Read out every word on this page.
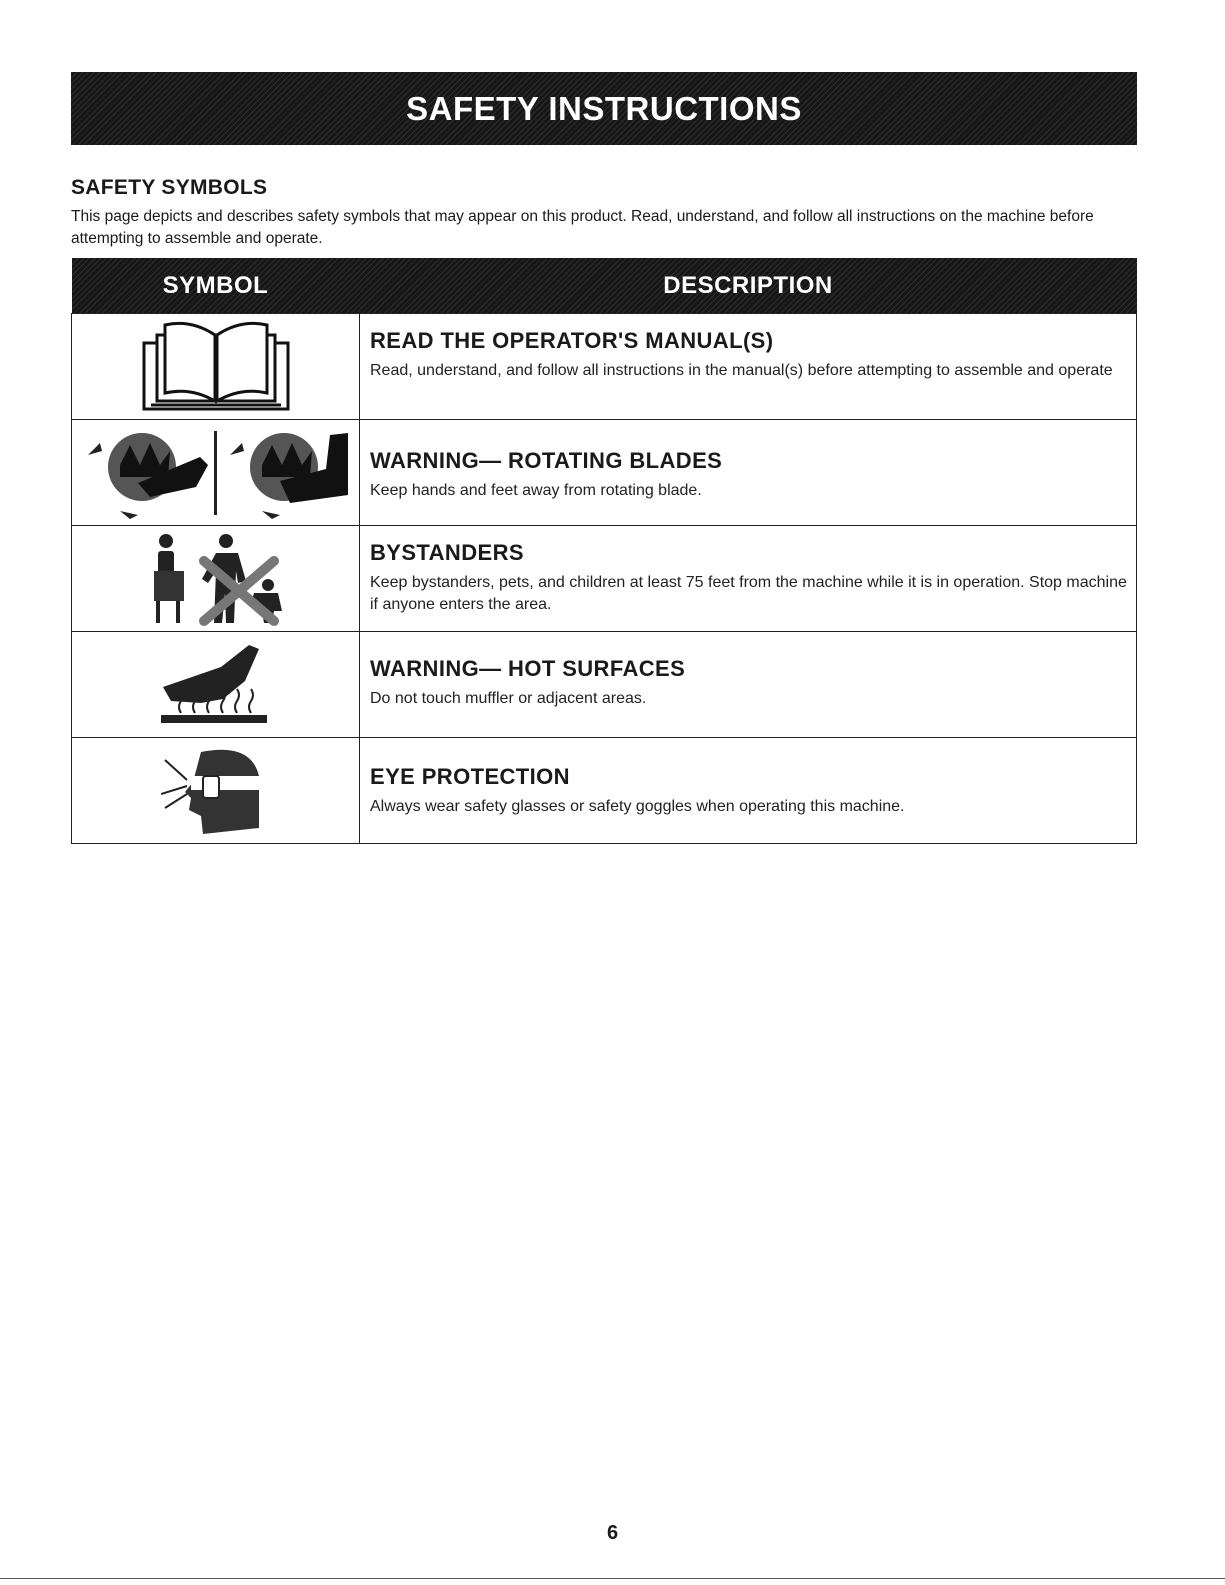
SAFETY INSTRUCTIONS
SAFETY SYMBOLS

This page depicts and describes safety symbols that may appear on this product. Read, understand, and follow all instructions on the machine before attempting to assemble and operate.

SYMBOL	DESCRIPTION

READ THE OPERATOR'S MANUAL(S)

Read, understand, and follow all instructions in the manual(s) before attempting to assemble and operate

WARNING— ROTATING BLADES

Keep hands and feet away from rotating blade.

BYSTANDERS

Keep bystanders, pets, and children at least 75 feet from the machine while it is in operation. Stop machine if anyone enters the area.

WARNING— HOT SURFACES

Do not touch muffler or adjacent areas.

EYE PROTECTION

Always wear safety glasses or safety goggles when operating this machine.

6
